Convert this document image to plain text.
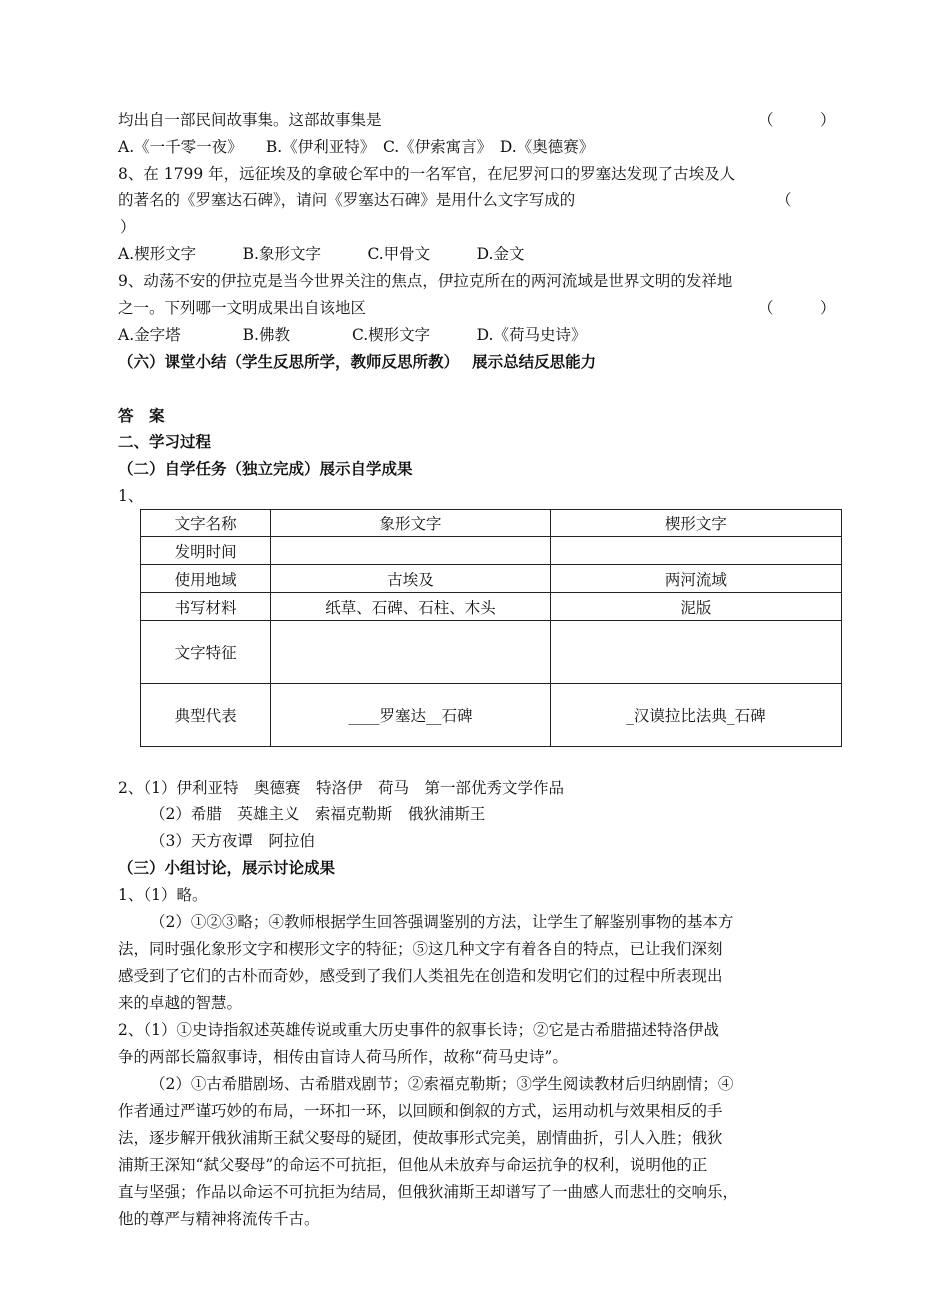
均出自一部民间故事集。这部故事集是	（　　　）
A.《一千零一夜》　　B.《伊利亚特》　C.《伊索寓言》　D.《奥德赛》
8、在 1799 年，远征埃及的拿破仑军中的一名军官，在尼罗河口的罗塞达发现了古埃及人
的著名的《罗塞达石碑》，请问《罗塞达石碑》是用什么文字写成的	（
）
A.楔形文字　　　B.象形文字　　　C.甲骨文　　　D.金文
9、动荡不安的伊拉克是当今世界关注的焦点，伊拉克所在的两河流域是世界文明的发祥地
之一。下列哪一文明成果出自该地区	（　　　）
A.金字塔　　　　B.佛教　　　　C.楔形文字　　　D.《荷马史诗》
（六）课堂小结（学生反思所学，教师反思所教）　 展示总结反思能力
答　案
二、学习过程
（二）自学任务（独立完成）展示自学成果
1、
文字名称	象形文字	楔形文字
发明时间		
使用地域	古埃及	两河流域
书写材料	纸草、石碑、石柱、木头	泥版
文字特征		
典型代表	____罗塞达__石碑	_汉谟拉比法典_石碑
2、（1）伊利亚特　奥德赛　特洛伊　荷马　第一部优秀文学作品
（2）希腊　英雄主义　索福克勒斯　俄狄浦斯王
（3）天方夜谭　阿拉伯
（三）小组讨论，展示讨论成果
1、（1）略。
（2）①②③略；④教师根据学生回答强调鉴别的方法，让学生了解鉴别事物的基本方
法，同时强化象形文字和楔形文字的特征；⑤这几种文字有着各自的特点，已让我们深刻
感受到了它们的古朴而奇妙，感受到了我们人类祖先在创造和发明它们的过程中所表现出
来的卓越的智慧。
2、（1）①史诗指叙述英雄传说或重大历史事件的叙事长诗；②它是古希腊描述特洛伊战
争的两部长篇叙事诗，相传由盲诗人荷马所作，故称“荷马史诗”。
（2）①古希腊剧场、古希腊戏剧节；②索福克勒斯；③学生阅读教材后归纳剧情；④
作者通过严谨巧妙的布局，一环扣一环，以回顾和倒叙的方式，运用动机与效果相反的手
法，逐步解开俄狄浦斯王弑父娶母的疑团，使故事形式完美，剧情曲折，引人入胜；俄狄
浦斯王深知“弑父娶母”的命运不可抗拒，但他从未放弃与命运抗争的权利，说明他的正
直与坚强；作品以命运不可抗拒为结局，但俄狄浦斯王却谱写了一曲感人而悲壮的交响乐，
他的尊严与精神将流传千古。
